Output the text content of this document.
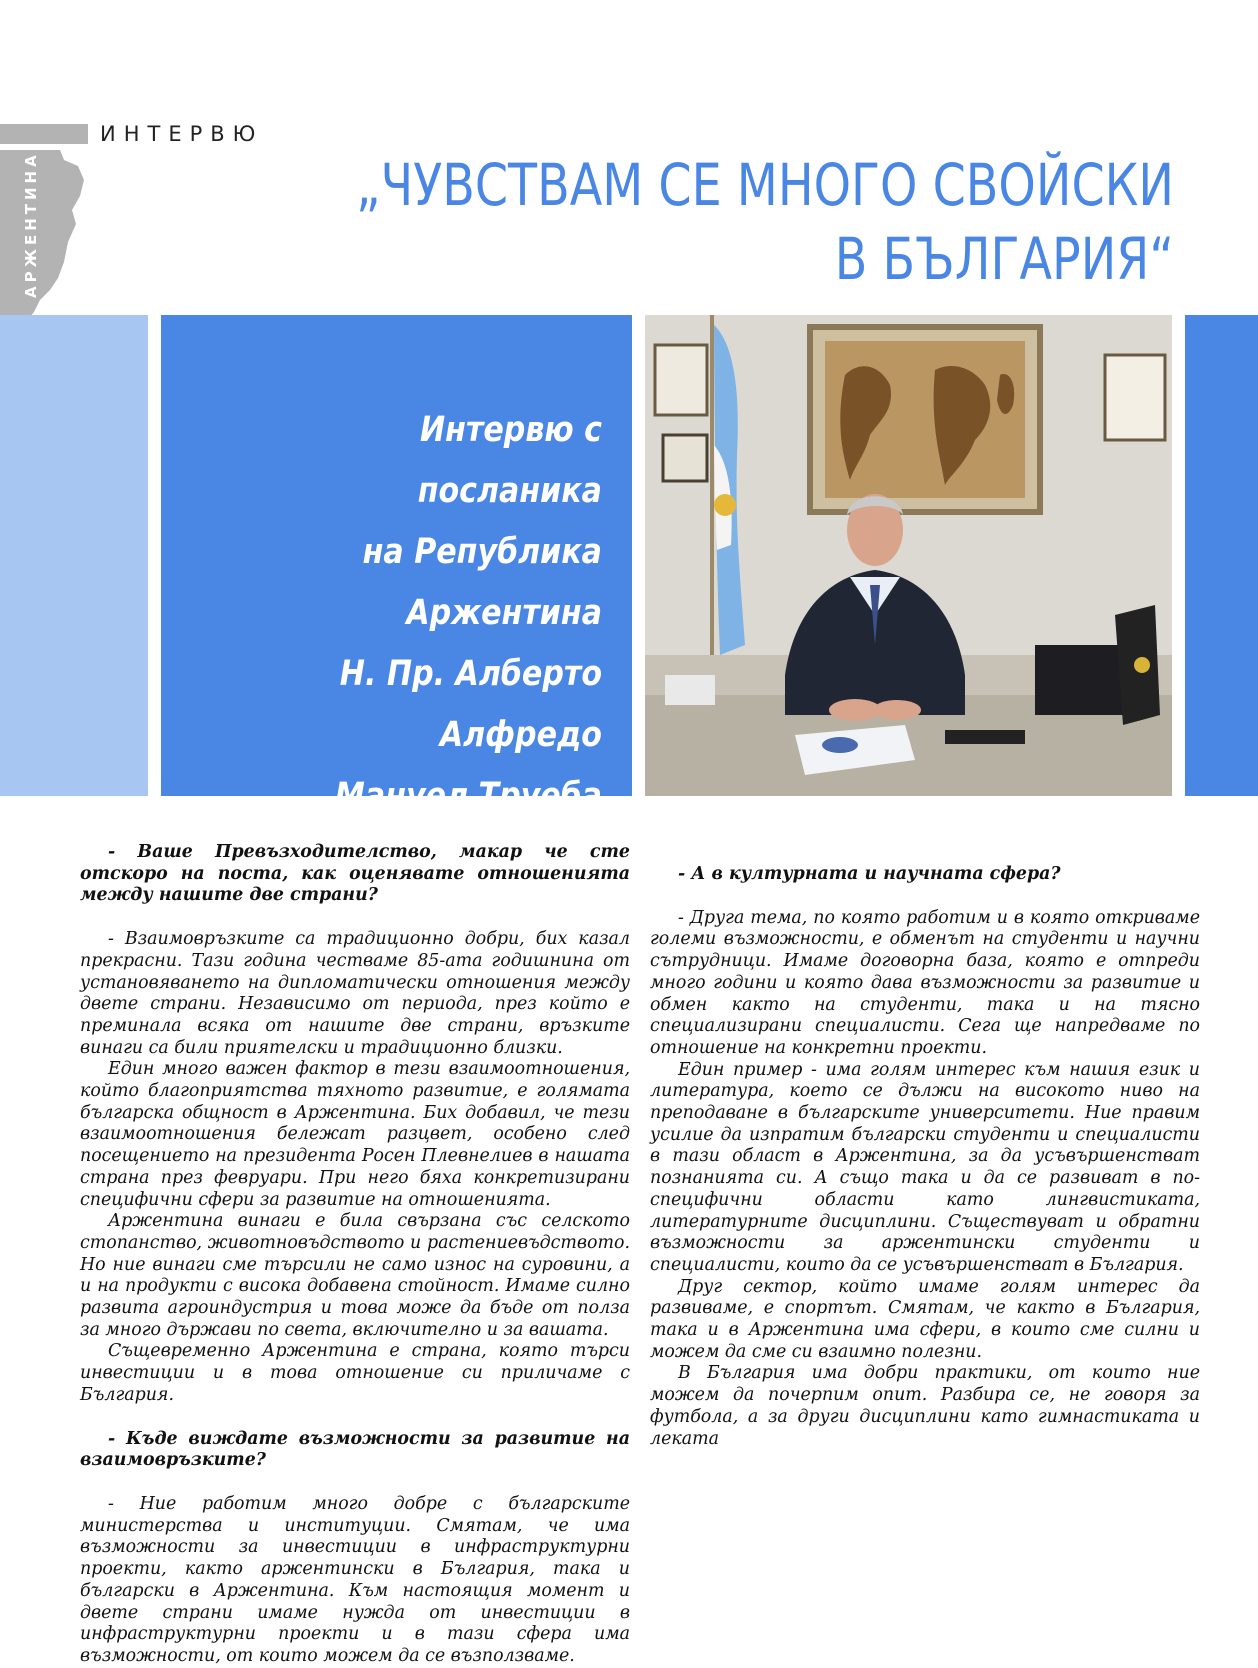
ИНТЕРВЮ
АРЖЕНТИНА	„ЧУВСТВАМ СЕ МНОГО СВОЙСКИ
В БЪЛГАРИЯ“
Интервю с посланика
на Република Аржентина
Н. Пр. Алберто Алфредо
Мануел Труеба

- Ваше Превъзходителство, макар че сте отскоро на поста, как оценявате отношенията между нашите две страни?

- Взаимовръзките са традиционно добри, бих казал прекрасни. Тази година честваме 85-ата годишнина от установяването на дипломатически отношения между двете страни. Независимо от периода, през който е преминала всяка от нашите две страни, връзките винаги са били приятелски и традиционно близки.

Един много важен фактор в тези взаимоотношения, който благоприятства тяхното развитие, е голямата българска общност в Аржентина. Бих добавил, че тези взаимоотношения бележат разцвет, особено след посещението на президента Росен Плевнелиев в нашата страна през февруари. При него бяха конкретизирани специфични сфери за развитие на отношенията.

Аржентина винаги е била свързана със селското стопанство, животновъдството и растениевъдството. Но ние винаги сме търсили не само износ на суровини, а и на продукти с висока добавена стойност. Имаме силно развита агроиндустрия и това може да бъде от полза за много държави по света, включително и за вашата.

Същевременно Аржентина е страна, която търси инвестиции и в това отношение си приличаме с България.

- Къде виждате възможности за развитие на взаимовръзките?

- Ние работим много добре с българските министерства и институции. Смятам, че има възможности за инвестиции в инфраструктурни проекти, както аржентински в България, така и български в Аржентина. Към настоящия момент и двете страни имаме нужда от инвестиции в инфраструктурни проекти и в тази сфера има възможности, от които можем да се възползваме.

- А в културната и научната сфера?

- Друга тема, по която работим и в която откриваме големи възможности, е обменът на студенти и научни сътрудници. Имаме договорна база, която е отпреди много години и която дава възможности за развитие и обмен както на студенти, така и на тясно специализирани специалисти. Сега ще напредваме по отношение на конкретни проекти.

Един пример - има голям интерес към нашия език и литература, което се дължи на високото ниво на преподаване в българските университети. Ние правим усилие да изпратим български студенти и специалисти в тази област в Аржентина, за да усъвършенстват познанията си. А също така и да се развиват в по-специфични области като лингвистиката, литературните дисциплини. Съществуват и обратни възможности за аржентински студенти и специалисти, които да се усъвършенстват в България.

Друг сектор, който имаме голям интерес да развиваме, е спортът. Смятам, че както в България, така и в Аржентина има сфери, в които сме силни и можем да сме си взаимно полезни.

В България има добри практики, от които ние можем да почерпим опит. Разбира се, не говоря за футбола, а за други дисциплини като гимнастиката и леката
